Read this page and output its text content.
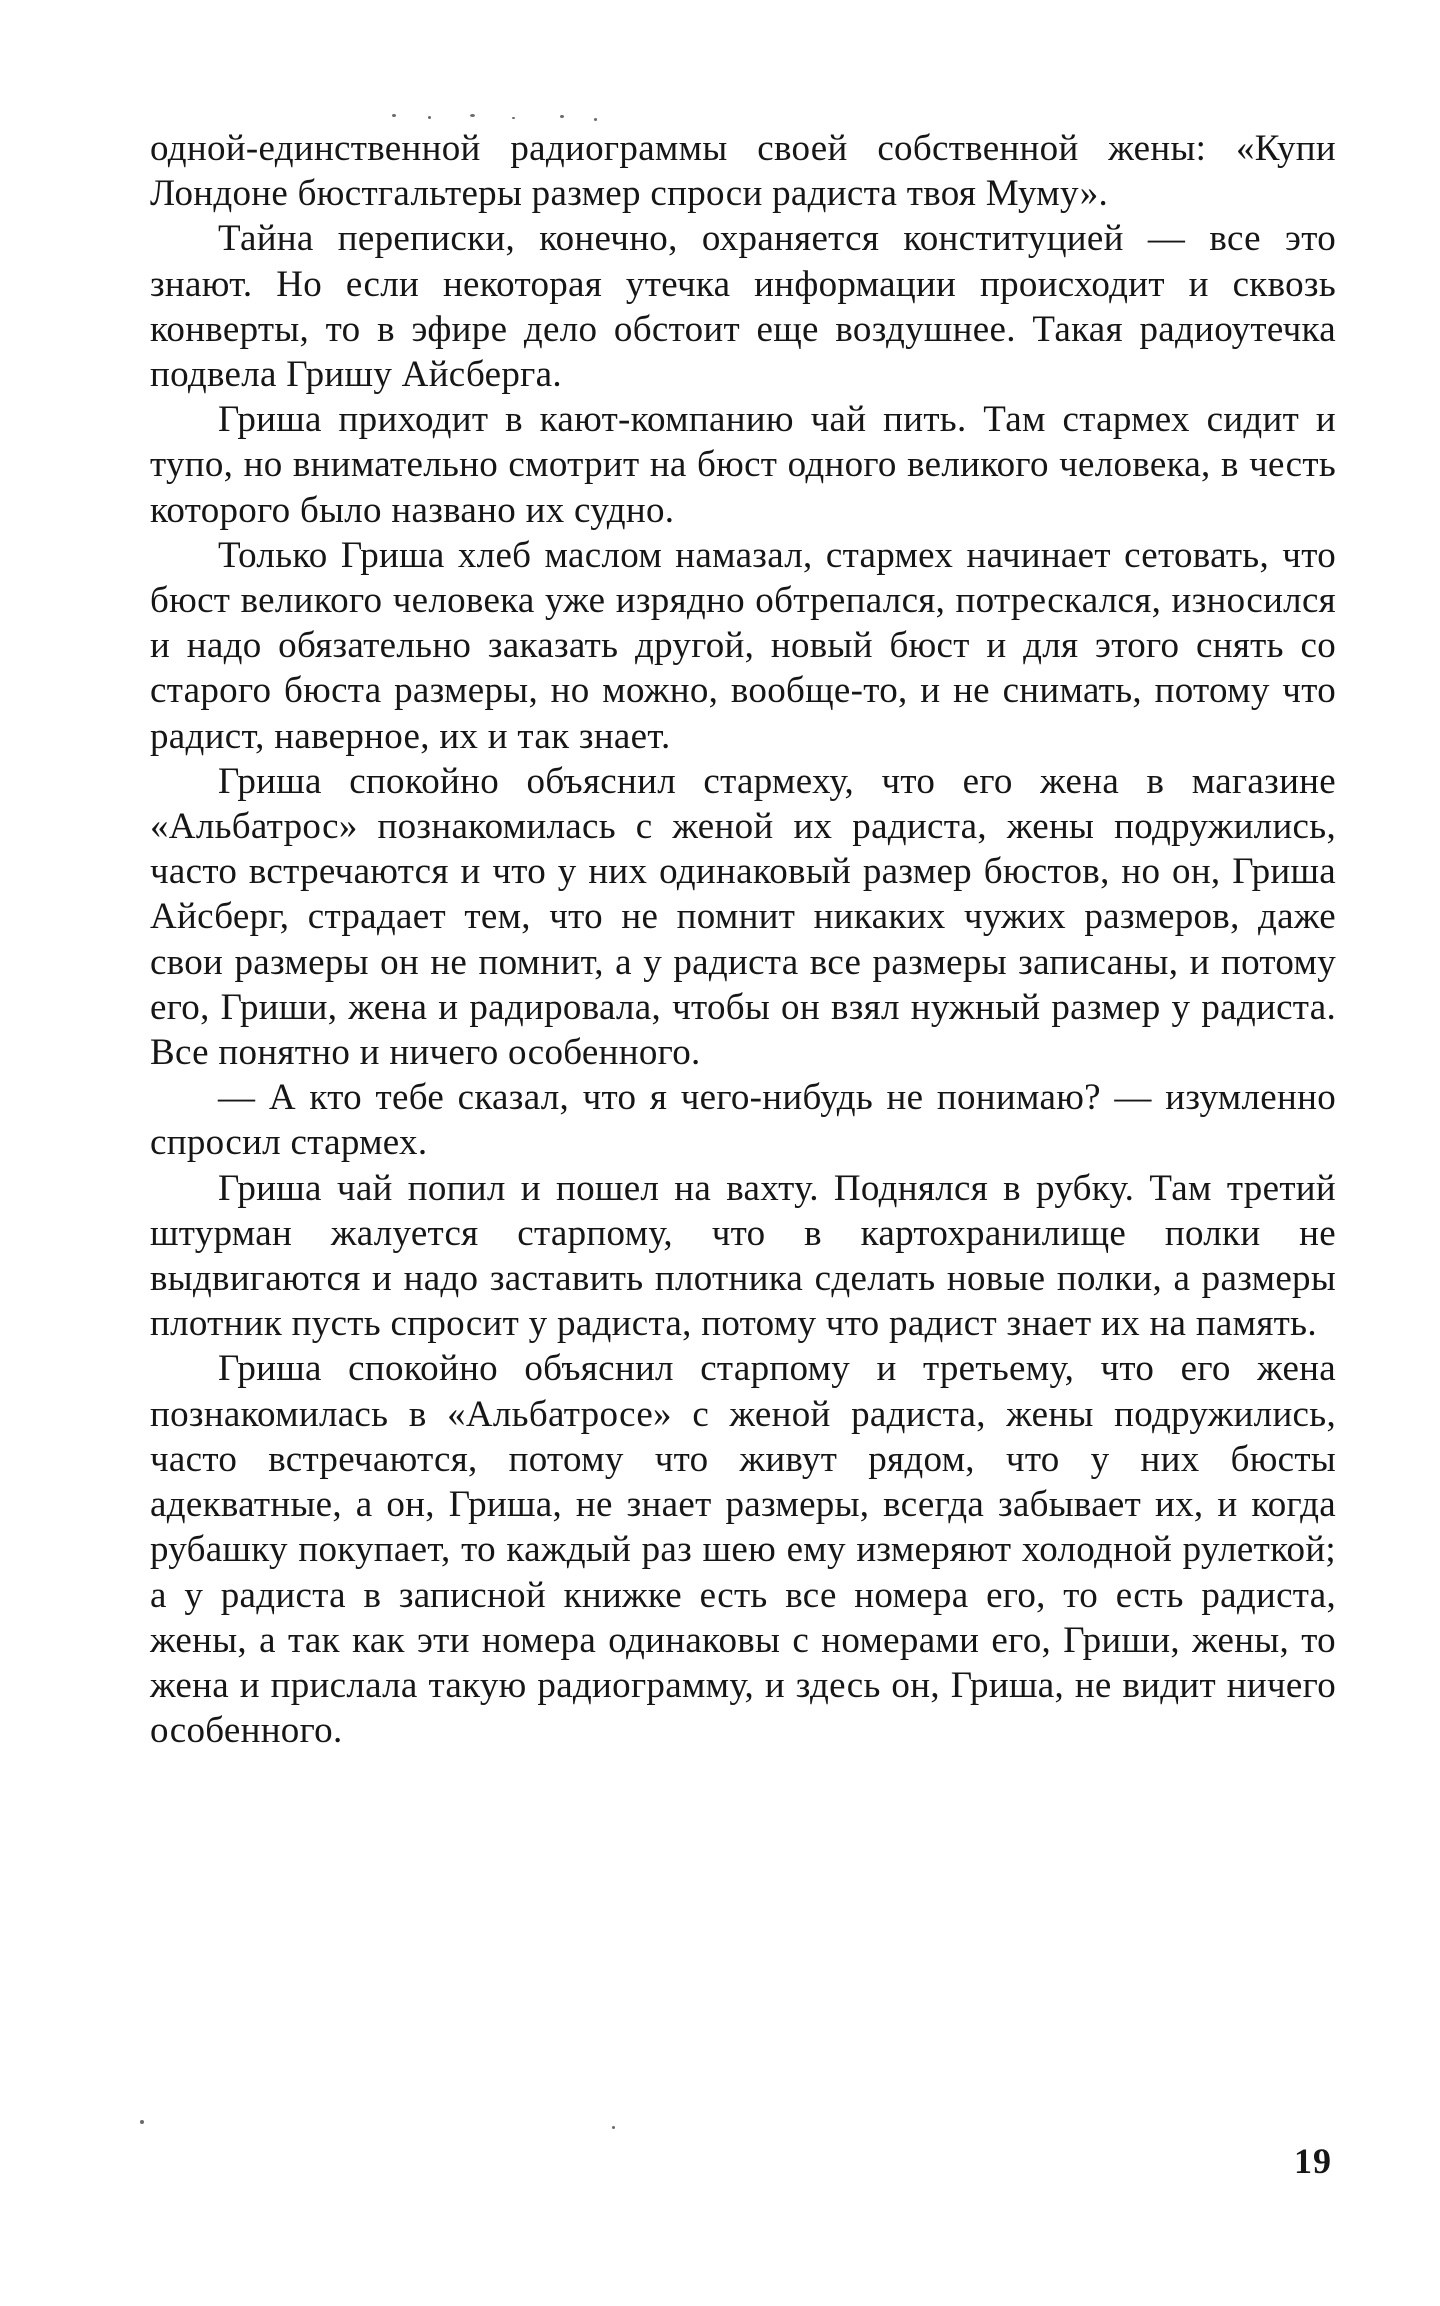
одной-единственной радиограммы своей собственной жены: «Купи Лондоне бюстгальтеры размер спроси радиста твоя Муму».

Тайна переписки, конечно, охраняется конституцией — все это знают. Но если некоторая утечка информации происходит и сквозь конверты, то в эфире дело обстоит еще воздушнее. Такая радиоутечка подвела Гришу Айсберга.

Гриша приходит в кают-компанию чай пить. Там стармех сидит и тупо, но внимательно смотрит на бюст одного великого человека, в честь которого было названо их судно.

Только Гриша хлеб маслом намазал, стармех начинает сетовать, что бюст великого человека уже изрядно обтрепался, потрескался, износился и надо обязательно заказать другой, новый бюст и для этого снять со старого бюста размеры, но можно, вообще-то, и не снимать, потому что радист, наверное, их и так знает.

Гриша спокойно объяснил стармеху, что его жена в магазине «Альбатрос» познакомилась с женой их радиста, жены подружились, часто встречаются и что у них одинаковый размер бюстов, но он, Гриша Айсберг, страдает тем, что не помнит никаких чужих размеров, даже свои размеры он не помнит, а у радиста все размеры записаны, и потому его, Гриши, жена и радировала, чтобы он взял нужный размер у радиста. Все понятно и ничего особенного.

— А кто тебе сказал, что я чего-нибудь не понимаю? — изумленно спросил стармех.

Гриша чай попил и пошел на вахту. Поднялся в рубку. Там третий штурман жалуется старпому, что в картохранилище полки не выдвигаются и надо заставить плотника сделать новые полки, а размеры плотник пусть спросит у радиста, потому что радист знает их на память.

Гриша спокойно объяснил старпому и третьему, что его жена познакомилась в «Альбатросе» с женой радиста, жены подружились, часто встречаются, потому что живут рядом, что у них бюсты адекватные, а он, Гриша, не знает размеры, всегда забывает их, и когда рубашку покупает, то каждый раз шею ему измеряют холодной рулеткой; а у радиста в записной книжке есть все номера его, то есть радиста, жены, а так как эти номера одинаковы с номерами его, Гриши, жены, то жена и прислала такую радиограмму, и здесь он, Гриша, не видит ничего особенного.

19
